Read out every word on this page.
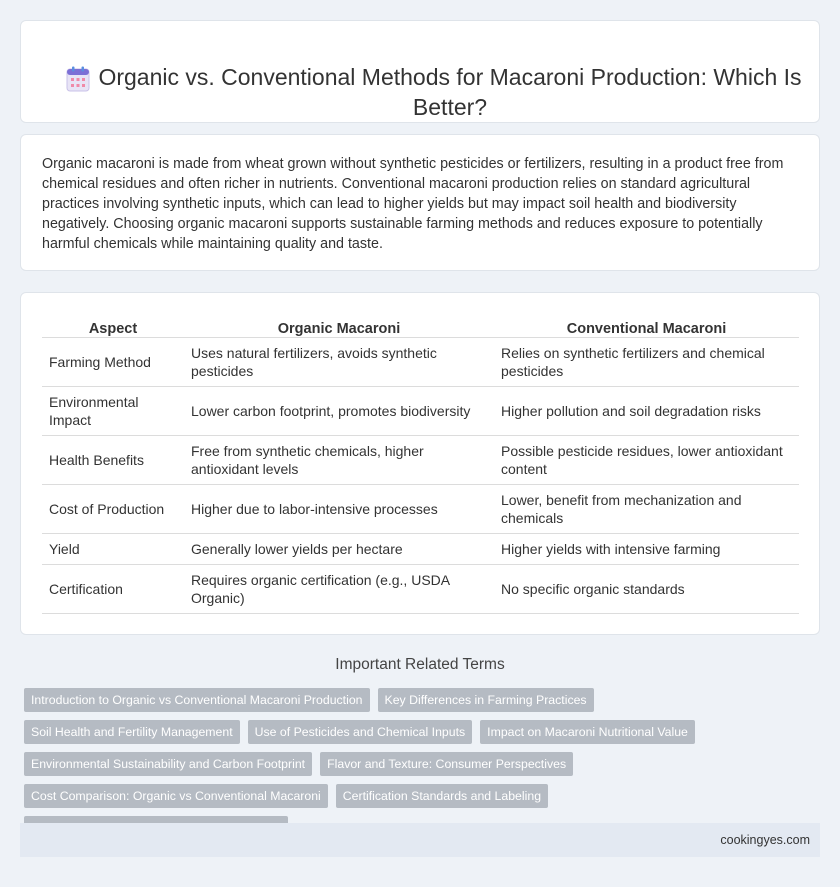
Organic vs. Conventional Methods for Macaroni Production: Which Is Better?

Organic macaroni is made from wheat grown without synthetic pesticides or fertilizers, resulting in a product free from chemical residues and often richer in nutrients. Conventional macaroni production relies on standard agricultural practices involving synthetic inputs, which can lead to higher yields but may impact soil health and biodiversity negatively. Choosing organic macaroni supports sustainable farming methods and reduces exposure to potentially harmful chemicals while maintaining quality and taste.

Aspect	Organic Macaroni	Conventional Macaroni
Farming Method	Uses natural fertilizers, avoids synthetic pesticides	Relies on synthetic fertilizers and chemical pesticides
Environmental Impact	Lower carbon footprint, promotes biodiversity	Higher pollution and soil degradation risks
Health Benefits	Free from synthetic chemicals, higher antioxidant levels	Possible pesticide residues, lower antioxidant content
Cost of Production	Higher due to labor-intensive processes	Lower, benefit from mechanization and chemicals
Yield	Generally lower yields per hectare	Higher yields with intensive farming
Certification	Requires organic certification (e.g., USDA Organic)	No specific organic standards
Important Related Terms
Introduction to Organic vs Conventional Macaroni Production	Key Differences in Farming Practices
Soil Health and Fertility Management	Use of Pesticides and Chemical Inputs	Impact on Macaroni Nutritional Value
Environmental Sustainability and Carbon Footprint	Flavor and Texture: Consumer Perspectives
Cost Comparison: Organic vs Conventional Macaroni	Certification Standards and Labeling
cookingyes.com
